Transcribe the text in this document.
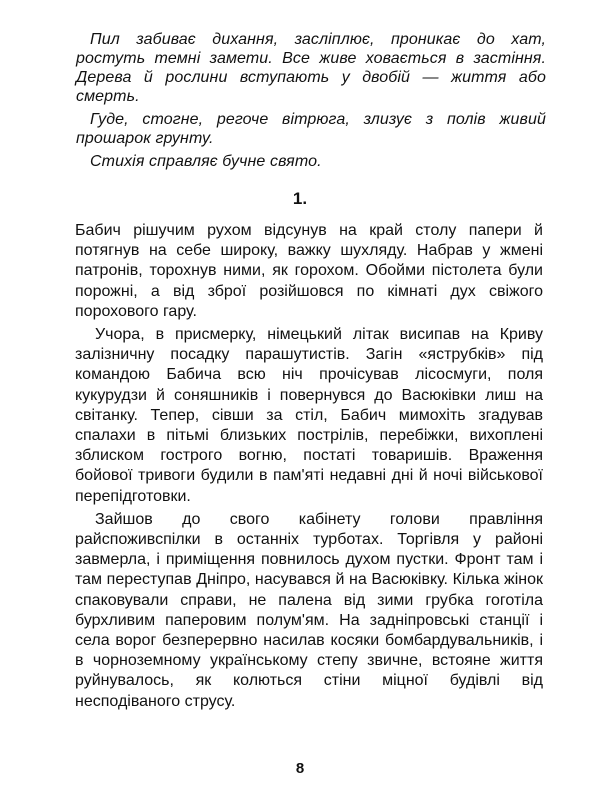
Пил забиває дихання, засліплює, проникає до хат, ростуть темні замети. Все живе ховається в застіння. Дерева й рослини вступають у двобій — життя або смерть.

Гуде, стогне, регоче вітрюга, злизує з полів живий прошарок грунту.

Стихія справляє бучне свято.

1.

Бабич рішучим рухом відсунув на край столу папери й потягнув на себе широку, важку шухляду. Набрав у жмені патронів, торохнув ними, як горохом. Обойми пістолета були порожні, а від зброї розійшовся по кімнаті дух свіжого порохового гару.

Учора, в присмерку, німецький літак висипав на Криву залізничну посадку парашутистів. Загін «яструбків» під командою Бабича всю ніч прочісував лісосмуги, поля кукурудзи й соняшників і повернувся до Васюківки лиш на світанку. Тепер, сівши за стіл, Бабич мимохіть згадував спалахи в пітьмі близьких пострілів, перебіжки, вихоплені зблиском гострого вогню, постаті товаришів. Враження бойової тривоги будили в пам'яті недавні дні й ночі військової перепідготовки.

Зайшов до свого кабінету голови правління райспоживспілки в останніх турботах. Торгівля у районі завмерла, і приміщення повнилось духом пустки. Фронт там і там переступав Дніпро, насувався й на Васюківку. Кілька жінок спаковували справи, не палена від зими грубка гоготіла бурхливим паперовим полум'ям. На задніпровські станції і села ворог безперервно насилав косяки бомбардувальників, і в чорноземному українському степу звичне, встояне життя руйнувалось, як колються стіни міцної будівлі від несподіваного струсу.

8
